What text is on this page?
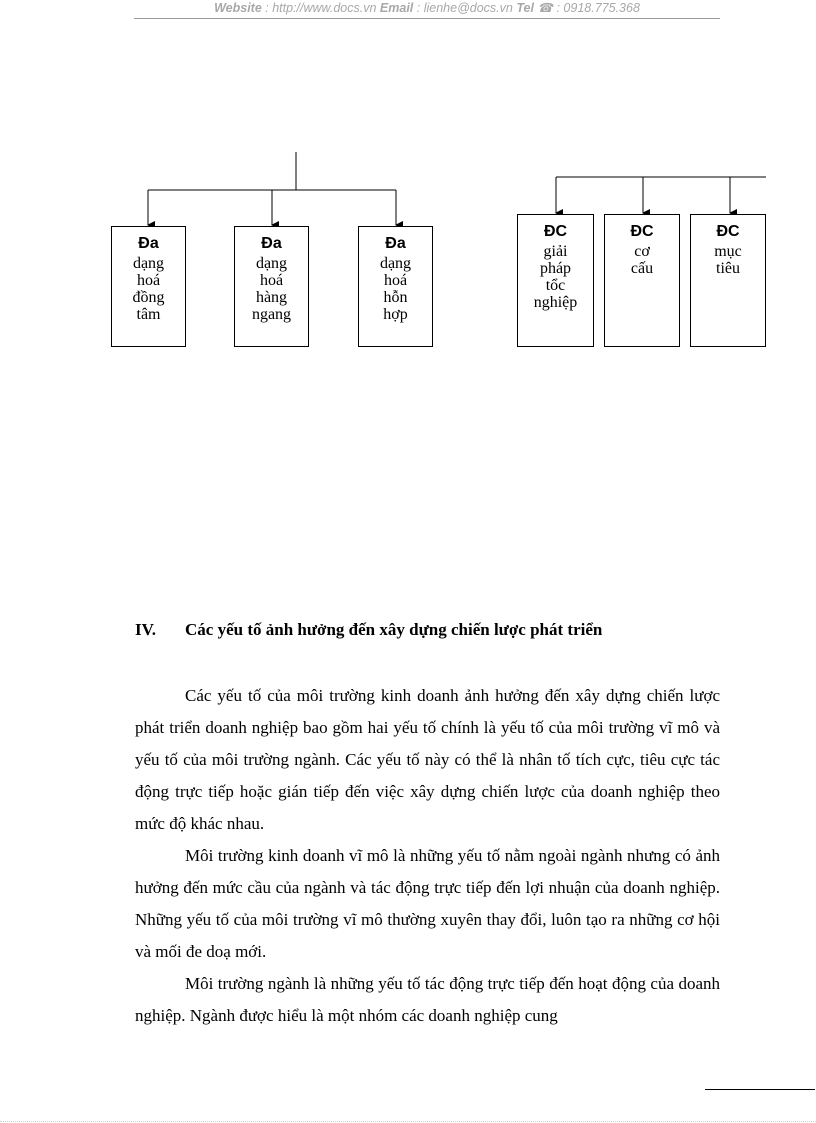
Website : http://www.docs.vn Email : lienhe@docs.vn Tel ☎ : 0918.775.368
Đa
dạng
hoá
đồng
tâm
Đa
dạng
hoá
hàng
ngang
Đa
dạng
hoá
hỗn
hợp
ĐC
giải
pháp
tổc
nghiệp
ĐC
cơ
cấu
ĐC
mục
tiêu
IV. Các yếu tố ảnh hưởng đến xây dựng chiến lược phát triển

Các yếu tố của môi trường kinh doanh ảnh hưởng đến xây dựng chiến lược phát triển doanh nghiệp bao gồm hai yếu tố chính là yếu tố của môi trường vĩ mô và yếu tố của môi trường ngành. Các yếu tố này có thể là nhân tố tích cực, tiêu cực tác động trực tiếp hoặc gián tiếp đến việc xây dựng chiến lược của doanh nghiệp theo mức độ khác nhau.

Môi trường kinh doanh vĩ mô là những yếu tố nằm ngoài ngành nhưng có ảnh hưởng đến mức cầu của ngành và tác động trực tiếp đến lợi nhuận của doanh nghiệp. Những yếu tố của môi trường vĩ mô thường xuyên thay đổi, luôn tạo ra những cơ hội và mối đe doạ mới.

Môi trường ngành là những yếu tố tác động trực tiếp đến hoạt động của doanh nghiệp. Ngành được hiểu là một nhóm các doanh nghiệp cung
